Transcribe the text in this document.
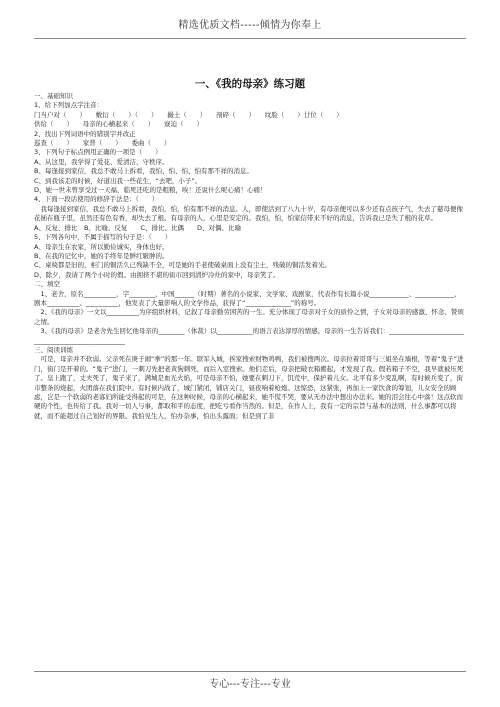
精选优质文档-----倾情为你奉上
一、《我的母亲》练习题

一、基础知识

1、给下列加点字注音：

门当户对（　　）　　敷衍（　　）（　　）　　撮土（　　）　　剖碎（　　）　　纹脸（　　）廿位（　　）

供给（　　）　　母亲的心横起来（　　）　　寮迫（　　）

2、找出下列词语中的错别字并改正

巡查（　　）　　家普（　　）　　委曲（　　）

3、下列句子标点例用正确的一项是（　　）

A、从这里，我学得了爱花、爱清洁、守秩序。

B、每逢接到家信，我总不敢马上拆看，我怕、怕、怕、怕有那不祥的消息。

C、到我该走的时候，好道出我一些花生，“去吧，小子”。

D、她一世未曾享受过一天福，临死还吃的是粗粮，唉！还说什么呢心痛！心痛！

4、下面一段话使用的修辞手法是：（　　）

　我每逢接到家信，我总不敢马上拆看，我怕，怕，怕有那不祥的消息。人，即使活到了八九十岁，有母亲便可以多少还有点孩子气，失去了慈母便像花插在瓶子里，虽然还有色有香，却失去了根。有母亲的人，心里是安定的。我怕，怕，怕家信带来不好的消息，告诉我已是失了根的花草。

A、反复、排比　B、比喻、反复　　C、排比、比偶　　D、对偶、比喻

5、下列各句中，不属于描写的句子是：（　　）

A、母亲生在农家，所以勤俭诚实，身体也好。

B、在我的记忆中，她的手终年是鲜红皲肿的。

C、桌椅都是旧的，柜门的铜活久已残缺不全，可是她的手老使破桌面上没有尘土，残破的铜活发着光。

D、除夕，我请了两个小时的假。由拥挤不堪的街市回到清炉冷灶的家中，母亲笑了。

二、填空

　1、老舍，原名__________，字________，中国______（时期）著名的小说家、文学家、戏剧家，代表作有长篇小说____________、____________，剧本__________、__________，他发表了大量影响人的文学作品，获得了“______________”的称号。

　2、《我的母亲》一文以__________为序组织材料，记叙了母亲勤劳困苦的一生。充分体现了母亲对子女的质怜之情，子女对母亲的感激、怀念、赞颂之情。

　3、《我的母亲》是老舍先生回忆他母亲的________（体裁）以___________的语言表达淳厚的情感。母亲的一生告诉我们：___________________________________________________

三、阅读训练

　可是，母亲并不软弱。父亲死在庚子闹“拳”的那一年。联军入城，挨家搜索财物鸡鸭，我们被搜两次。母亲拉着哥哥与三姐坐在墙根，等着“鬼子”进门，街门是开着的。“鬼子”进门，一刺刀先把老黄狗刺死，而后入室搜索。他们走后，母亲把破衣箱搬起，才发现了我。假若箱子不空，我早就被压死了。皇上跑了，丈夫死了，鬼子来了，满城是血光火焰，可是母亲不怕，她要在刺刀下，饥荒中，保护着儿女。北平有多少变乱啊，有时候兵变了，街市整条的烧起，火团落在我们院中。有时候内战了，城门紧闭，铺店关门，昼夜响着枪炮。这惊恐，这紧张，再加上一家饮食的筹划，儿女安全的顾虑，岂是一个软弱的老寡妇所能受得起的可是，在这种时候，母亲的心横起来，她不慌不哭，要从无办法中想出办法来。她的泪会往心中落！这点软而硬的个性，也传给了我。我对一切人与事，都取和平的态度，把吃亏看作当然的。但是，在作人上，我有一定的宗旨与基本的法则，什么事都可以将就，而不能超过自己划好的界限。我怕见生人，怕办杂事，怕出头露面；但是到了非

专心---专注---专业
